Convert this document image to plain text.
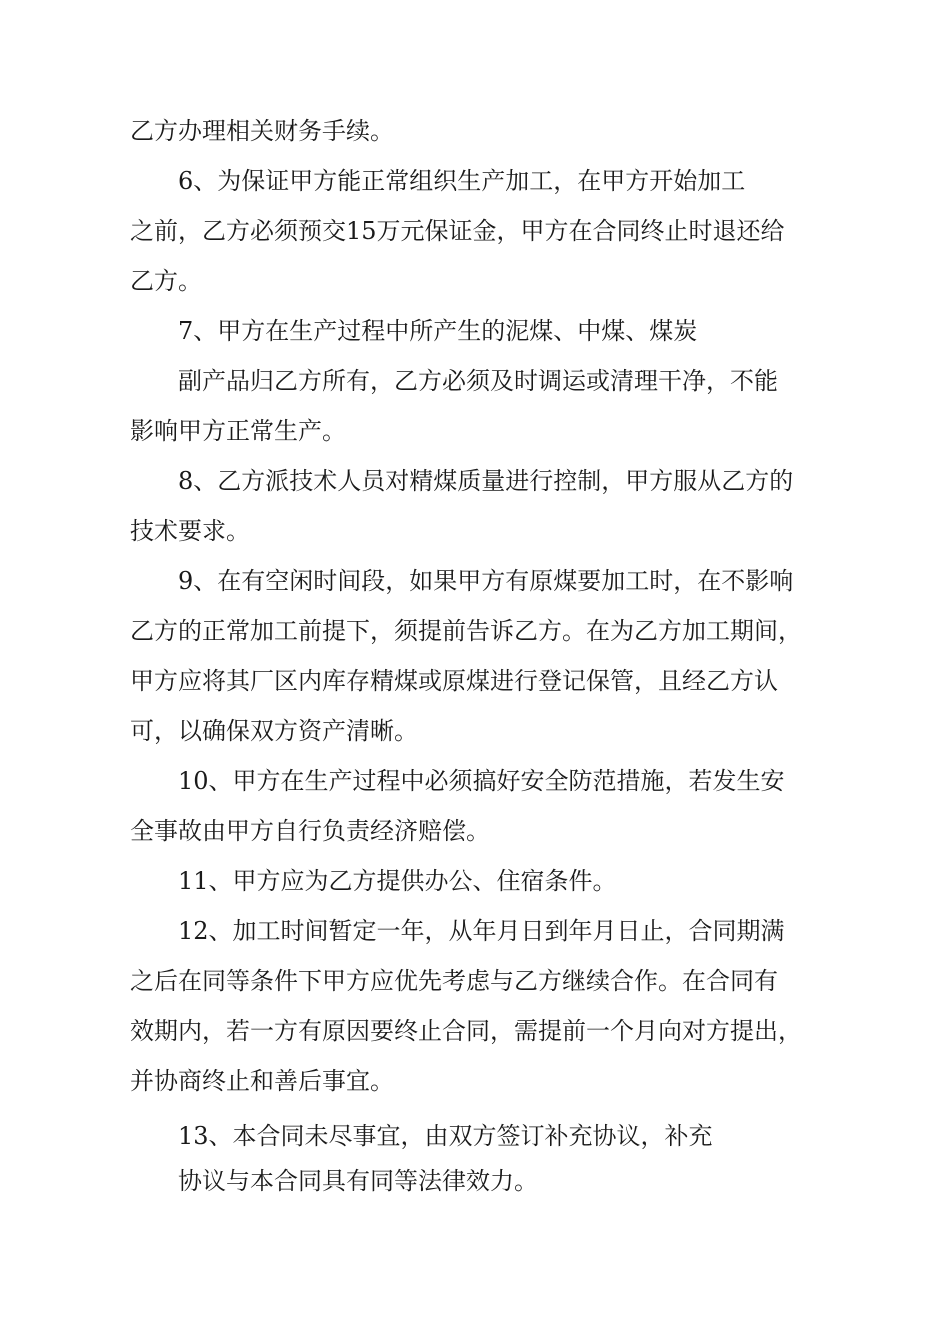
乙方办理相关财务手续。

6、为保证甲方能正常组织生产加工，在甲方开始加工

之前，乙方必须预交15万元保证金，甲方在合同终止时退还给

乙方。

7、甲方在生产过程中所产生的泥煤、中煤、煤炭

副产品归乙方所有，乙方必须及时调运或清理干净，不能

影响甲方正常生产。

8、乙方派技术人员对精煤质量进行控制，甲方服从乙方的

技术要求。

9、在有空闲时间段，如果甲方有原煤要加工时，在不影响

乙方的正常加工前提下，须提前告诉乙方。在为乙方加工期间，

甲方应将其厂区内库存精煤或原煤进行登记保管，且经乙方认

可，以确保双方资产清晰。

10、甲方在生产过程中必须搞好安全防范措施，若发生安

全事故由甲方自行负责经济赔偿。

11、甲方应为乙方提供办公、住宿条件。

12、加工时间暂定一年，从年月日到年月日止，合同期满

之后在同等条件下甲方应优先考虑与乙方继续合作。在合同有

效期内，若一方有原因要终止合同，需提前一个月向对方提出，

并协商终止和善后事宜。

13、本合同未尽事宜，由双方签订补充协议，补充

协议与本合同具有同等法律效力。
